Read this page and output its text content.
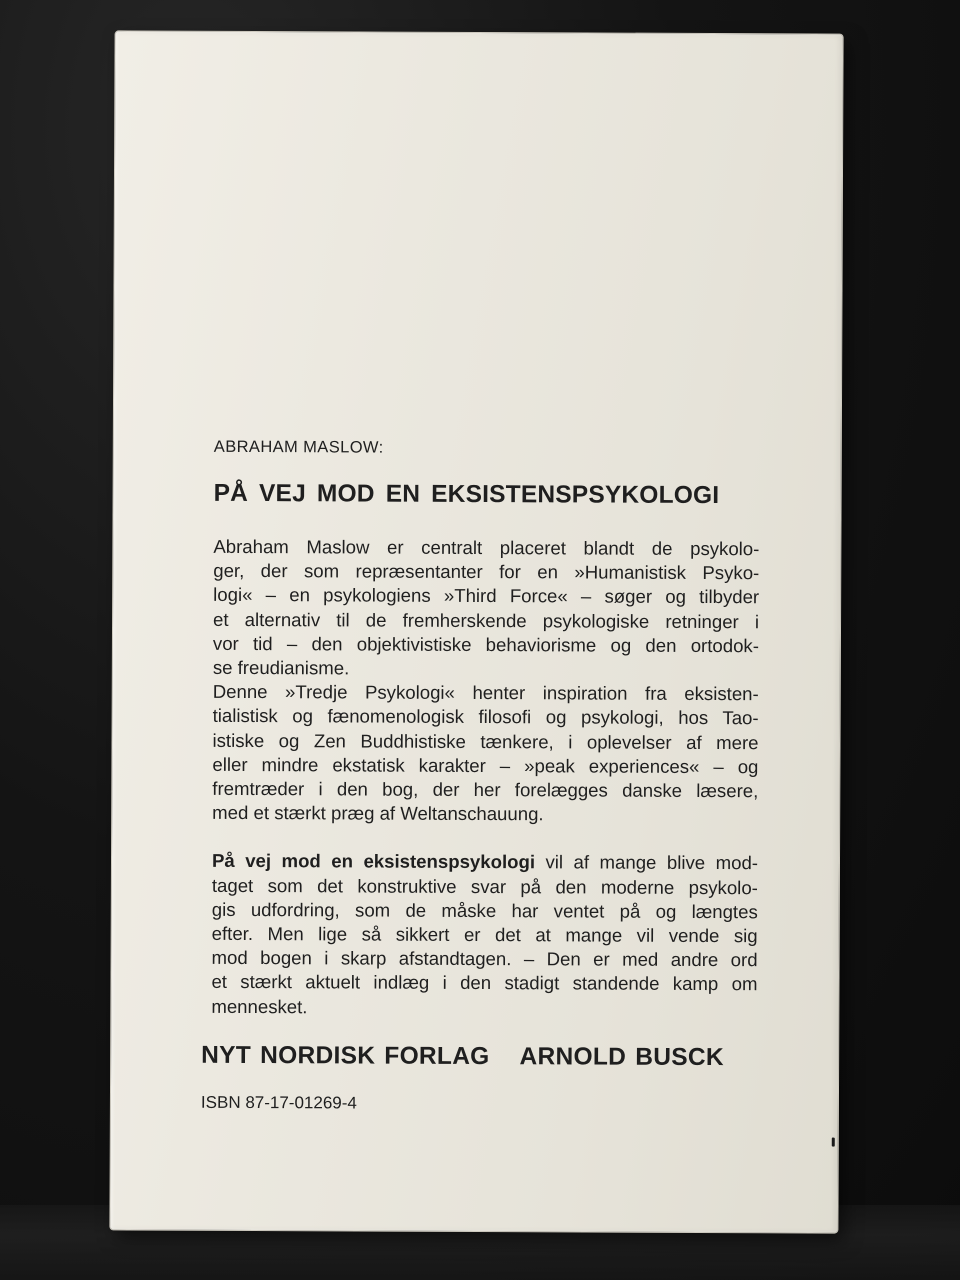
ABRAHAM MASLOW:
PÅ VEJ MOD EN EKSISTENSPSYKOLOGI
Abraham Maslow er centralt placeret blandt de psykolo-
ger, der som repræsentanter for en »Humanistisk Psyko-
logi« – en psykologiens »Third Force« – søger og tilbyder
et alternativ til de fremherskende psykologiske retninger i
vor tid – den objektivistiske behaviorisme og den ortodok-
se freudianisme.
Denne »Tredje Psykologi« henter inspiration fra eksisten-
tialistisk og fænomenologisk filosofi og psykologi, hos Tao-
istiske og Zen Buddhistiske tænkere, i oplevelser af mere
eller mindre ekstatisk karakter – »peak experiences« – og
fremtræder i den bog, der her forelægges danske læsere,
med et stærkt præg af Weltanschauung.
På vej mod en eksistenspsykologi vil af mange blive mod-
taget som det konstruktive svar på den moderne psykolo-
gis udfordring, som de måske har ventet på og længtes
efter. Men lige så sikkert er det at mange vil vende sig
mod bogen i skarp afstandtagen. – Den er med andre ord
et stærkt aktuelt indlæg i den stadigt standende kamp om
mennesket.
NYT NORDISK FORLAG ARNOLD BUSCK
ISBN 87-17-01269-4
